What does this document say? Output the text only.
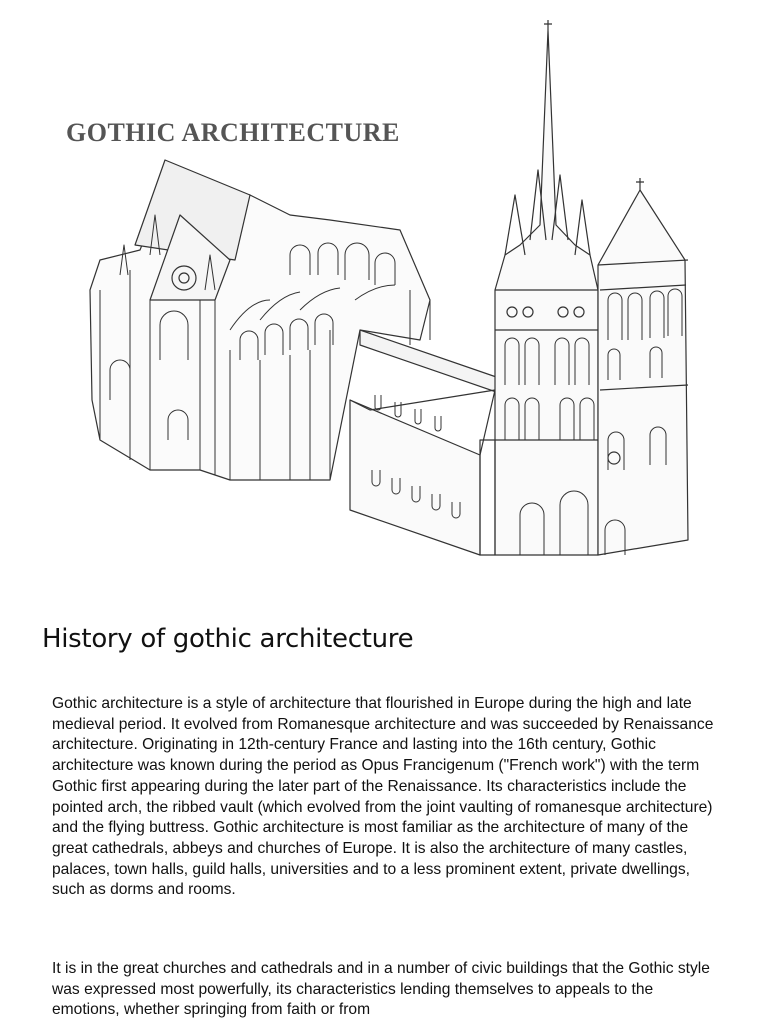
GOTHIC ARCHITECTURE
History of gothic architecture

Gothic architecture is a style of architecture that flourished in Europe during the high and late medieval period. It evolved from Romanesque architecture and was succeeded by Renaissance architecture. Originating in 12th-century France and lasting into the 16th century, Gothic architecture was known during the period as Opus Francigenum ("French work") with the term Gothic first appearing during the later part of the Renaissance. Its characteristics include the pointed arch, the ribbed vault (which evolved from the joint vaulting of romanesque architecture) and the flying buttress. Gothic architecture is most familiar as the architecture of many of the great cathedrals, abbeys and churches of Europe. It is also the architecture of many castles, palaces, town halls, guild halls, universities and to a less prominent extent, private dwellings, such as dorms and rooms.

It is in the great churches and cathedrals and in a number of civic buildings that the Gothic style was expressed most powerfully, its characteristics lending themselves to appeals to the emotions, whether springing from faith or from
